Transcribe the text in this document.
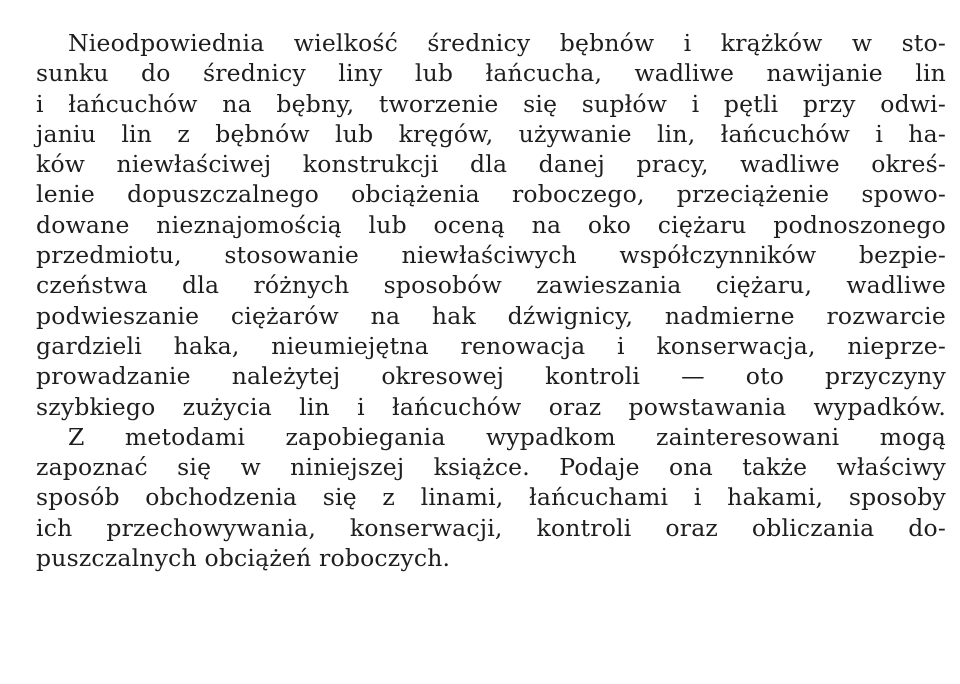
Nieodpowiednia wielkość średnicy bębnów i krążków w sto-
sunku do średnicy liny lub łańcucha, wadliwe nawijanie lin
i łańcuchów na bębny, tworzenie się supłów i pętli przy odwi-
janiu lin z bębnów lub kręgów, używanie lin, łańcuchów i ha-
ków niewłaściwej konstrukcji dla danej pracy, wadliwe okreś-
lenie dopuszczalnego obciążenia roboczego, przeciążenie spowo-
dowane nieznajomością lub oceną na oko ciężaru podnoszonego
przedmiotu, stosowanie niewłaściwych współczynników bezpie-
czeństwa dla różnych sposobów zawieszania ciężaru, wadliwe
podwieszanie ciężarów na hak dźwignicy, nadmierne rozwarcie
gardzieli haka, nieumiejętna renowacja i konserwacja, nieprze-
prowadzanie należytej okresowej kontroli — oto przyczyny
szybkiego zużycia lin i łańcuchów oraz powstawania wypadków.
Z metodami zapobiegania wypadkom zainteresowani mogą
zapoznać się w niniejszej książce. Podaje ona także właściwy
sposób obchodzenia się z linami, łańcuchami i hakami, sposoby
ich przechowywania, konserwacji, kontroli oraz obliczania do-
puszczalnych obciążeń roboczych.
